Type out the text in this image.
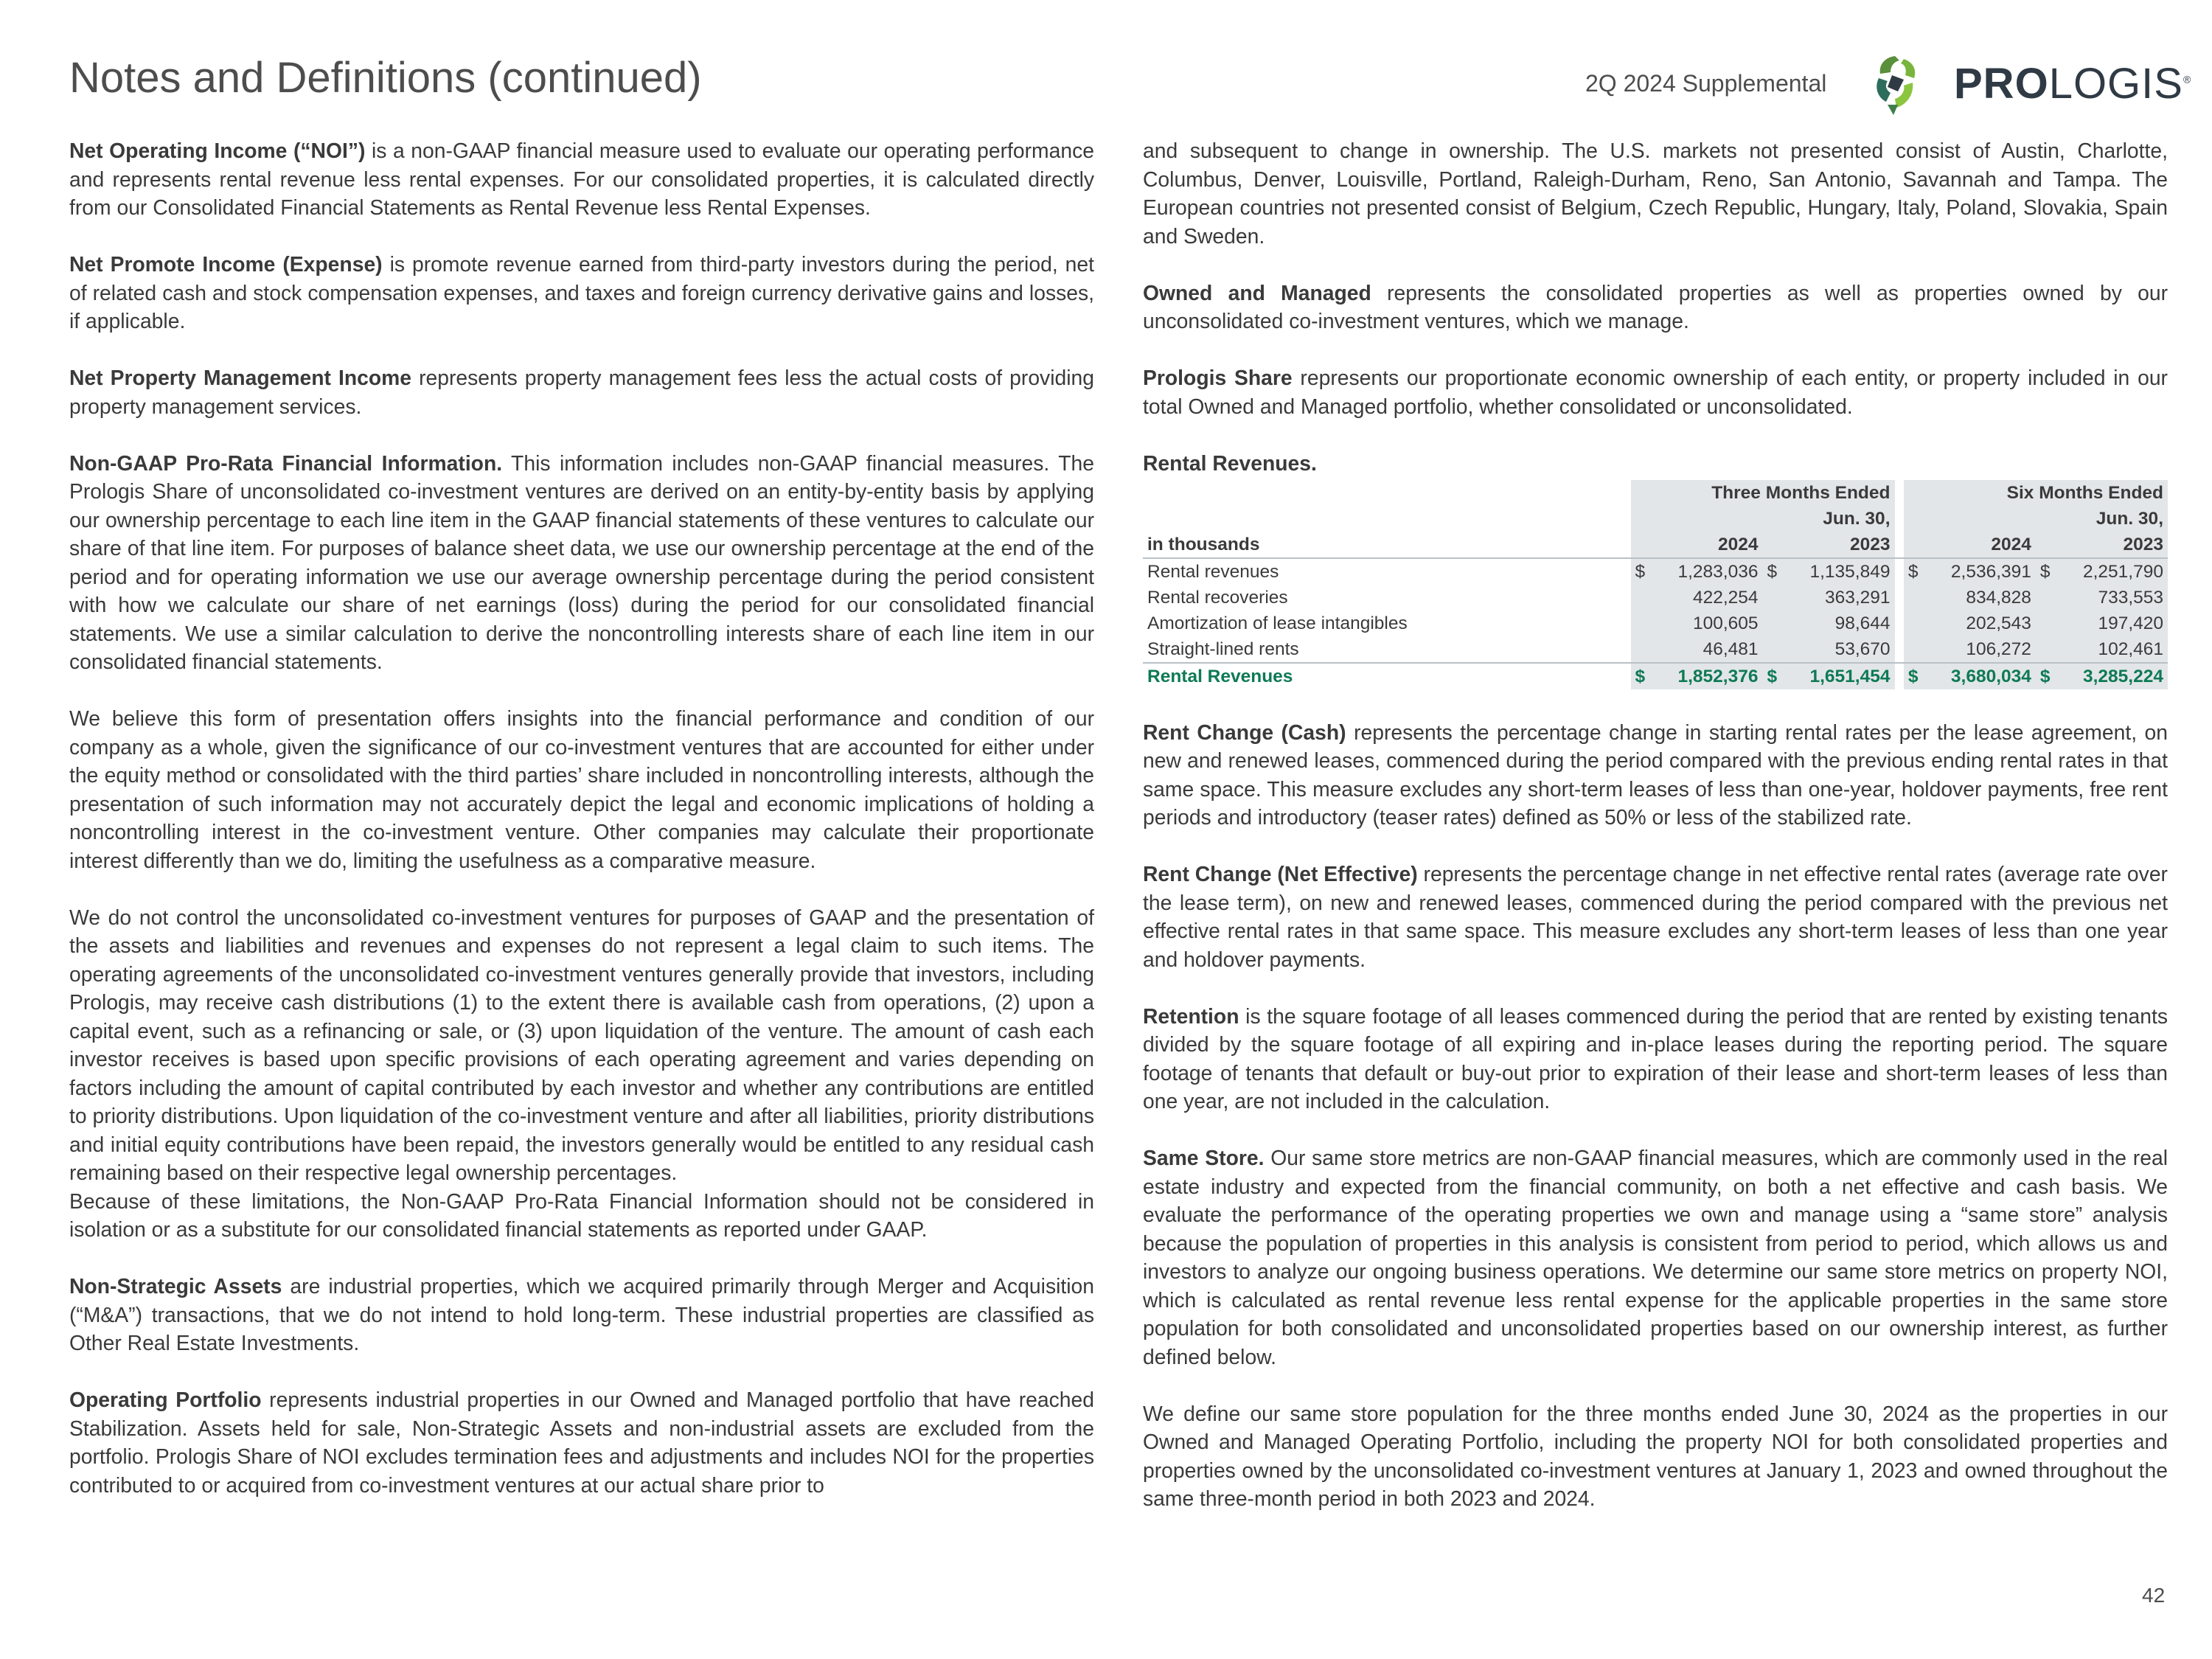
Notes and Definitions (continued)	2Q 2024 Supplemental	PROLOGIS®

Net Operating Income (“NOI”) is a non-GAAP financial measure used to evaluate our operating performance and represents rental revenue less rental expenses. For our consolidated properties, it is calculated directly from our Consolidated Financial Statements as Rental Revenue less Rental Expenses.

Net Promote Income (Expense) is promote revenue earned from third-party investors during the period, net of related cash and stock compensation expenses, and taxes and foreign currency derivative gains and losses, if applicable.

Net Property Management Income represents property management fees less the actual costs of providing property management services.

Non-GAAP Pro-Rata Financial Information. This information includes non-GAAP financial measures. The Prologis Share of unconsolidated co-investment ventures are derived on an entity-by-entity basis by applying our ownership percentage to each line item in the GAAP financial statements of these ventures to calculate our share of that line item. For purposes of balance sheet data, we use our ownership percentage at the end of the period and for operating information we use our average ownership percentage during the period consistent with how we calculate our share of net earnings (loss) during the period for our consolidated financial statements. We use a similar calculation to derive the noncontrolling interests share of each line item in our consolidated financial statements.

We believe this form of presentation offers insights into the financial performance and condition of our company as a whole, given the significance of our co-investment ventures that are accounted for either under the equity method or consolidated with the third parties’ share included in noncontrolling interests, although the presentation of such information may not accurately depict the legal and economic implications of holding a noncontrolling interest in the co-investment venture. Other companies may calculate their proportionate interest differently than we do, limiting the usefulness as a comparative measure.

We do not control the unconsolidated co-investment ventures for purposes of GAAP and the presentation of the assets and liabilities and revenues and expenses do not represent a legal claim to such items. The operating agreements of the unconsolidated co-investment ventures generally provide that investors, including Prologis, may receive cash distributions (1) to the extent there is available cash from operations, (2) upon a capital event, such as a refinancing or sale, or (3) upon liquidation of the venture. The amount of cash each investor receives is based upon specific provisions of each operating agreement and varies depending on factors including the amount of capital contributed by each investor and whether any contributions are entitled to priority distributions. Upon liquidation of the co-investment venture and after all liabilities, priority distributions and initial equity contributions have been repaid, the investors generally would be entitled to any residual cash remaining based on their respective legal ownership percentages.

Because of these limitations, the Non-GAAP Pro-Rata Financial Information should not be considered in isolation or as a substitute for our consolidated financial statements as reported under GAAP.

Non-Strategic Assets are industrial properties, which we acquired primarily through Merger and Acquisition (“M&A”) transactions, that we do not intend to hold long-term. These industrial properties are classified as Other Real Estate Investments.

Operating Portfolio represents industrial properties in our Owned and Managed portfolio that have reached Stabilization. Assets held for sale, Non-Strategic Assets and non-industrial assets are excluded from the portfolio. Prologis Share of NOI excludes termination fees and adjustments and includes NOI for the properties contributed to or acquired from co-investment ventures at our actual share prior to

and subsequent to change in ownership. The U.S. markets not presented consist of Austin, Charlotte, Columbus, Denver, Louisville, Portland, Raleigh-Durham, Reno, San Antonio, Savannah and Tampa. The European countries not presented consist of Belgium, Czech Republic, Hungary, Italy, Poland, Slovakia, Spain and Sweden.

Owned and Managed represents the consolidated properties as well as properties owned by our unconsolidated co-investment ventures, which we manage.

Prologis Share represents our proportionate economic ownership of each entity, or property included in our total Owned and Managed portfolio, whether consolidated or unconsolidated.

Rental Revenues.
	Three Months Ended					Six Months Ended			
	Jun. 30,					Jun. 30,			
in thousands	2024		2023			2024		2023	
Rental revenues	$	1,283,036	$	1,135,849		$	2,536,391	$	2,251,790
Rental recoveries		422,254		363,291			834,828		733,553
Amortization of lease intangibles		100,605		98,644			202,543		197,420
Straight-lined rents		46,481		53,670			106,272		102,461
Rental Revenues	$	1,852,376	$	1,651,454		$	3,680,034	$	3,285,224

Rent Change (Cash) represents the percentage change in starting rental rates per the lease agreement, on new and renewed leases, commenced during the period compared with the previous ending rental rates in that same space. This measure excludes any short-term leases of less than one-year, holdover payments, free rent periods and introductory (teaser rates) defined as 50% or less of the stabilized rate.

Rent Change (Net Effective) represents the percentage change in net effective rental rates (average rate over the lease term), on new and renewed leases, commenced during the period compared with the previous net effective rental rates in that same space. This measure excludes any short-term leases of less than one year and holdover payments.

Retention is the square footage of all leases commenced during the period that are rented by existing tenants divided by the square footage of all expiring and in-place leases during the reporting period. The square footage of tenants that default or buy-out prior to expiration of their lease and short-term leases of less than one year, are not included in the calculation.

Same Store. Our same store metrics are non-GAAP financial measures, which are commonly used in the real estate industry and expected from the financial community, on both a net effective and cash basis. We evaluate the performance of the operating properties we own and manage using a “same store” analysis because the population of properties in this analysis is consistent from period to period, which allows us and investors to analyze our ongoing business operations. We determine our same store metrics on property NOI, which is calculated as rental revenue less rental expense for the applicable properties in the same store population for both consolidated and unconsolidated properties based on our ownership interest, as further defined below.

We define our same store population for the three months ended June 30, 2024 as the properties in our Owned and Managed Operating Portfolio, including the property NOI for both consolidated properties and properties owned by the unconsolidated co-investment ventures at January 1, 2023 and owned throughout the same three-month period in both 2023 and 2024.

42
